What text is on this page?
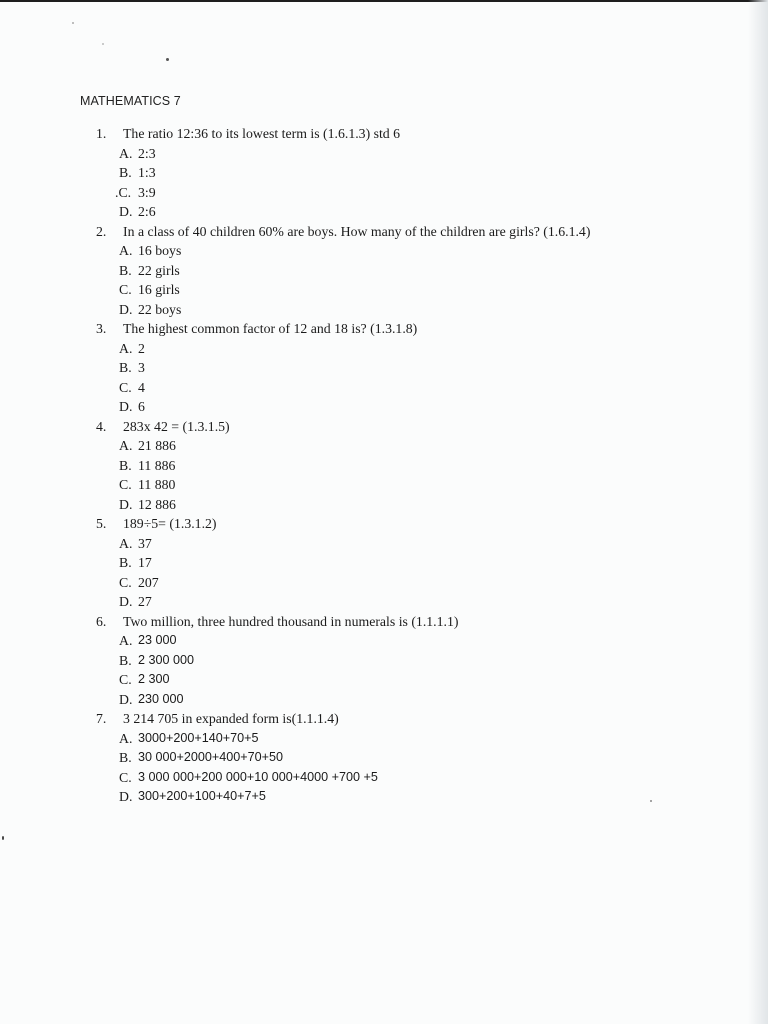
MATHEMATICS 7
1.	The ratio 12:36 to its lowest term is (1.6.1.3) std 6
A. 2:3
B. 1:3
.C. 3:9
D. 2:6
2.	In a class of 40 children 60% are boys. How many of the children are girls? (1.6.1.4)
A. 16 boys
B. 22 girls
C. 16 girls
D. 22 boys
3.	The highest common factor of 12 and 18 is? (1.3.1.8)
A. 2
B. 3
C. 4
D. 6
4.	283x 42 = (1.3.1.5)
A. 21 886
B. 11 886
C. 11 880
D. 12 886
5.	189÷5= (1.3.1.2)
A. 37
B. 17
C. 207
D. 27
6.	Two million, three hundred thousand in numerals is (1.1.1.1)
A. 23 000
B. 2 300 000
C. 2 300
D. 230 000
7.	3 214 705 in expanded form is(1.1.1.4)
A. 3000+200+140+70+5
B. 30 000+2000+400+70+50
C. 3 000 000+200 000+10 000+4000 +700 +5
D. 300+200+100+40+7+5
